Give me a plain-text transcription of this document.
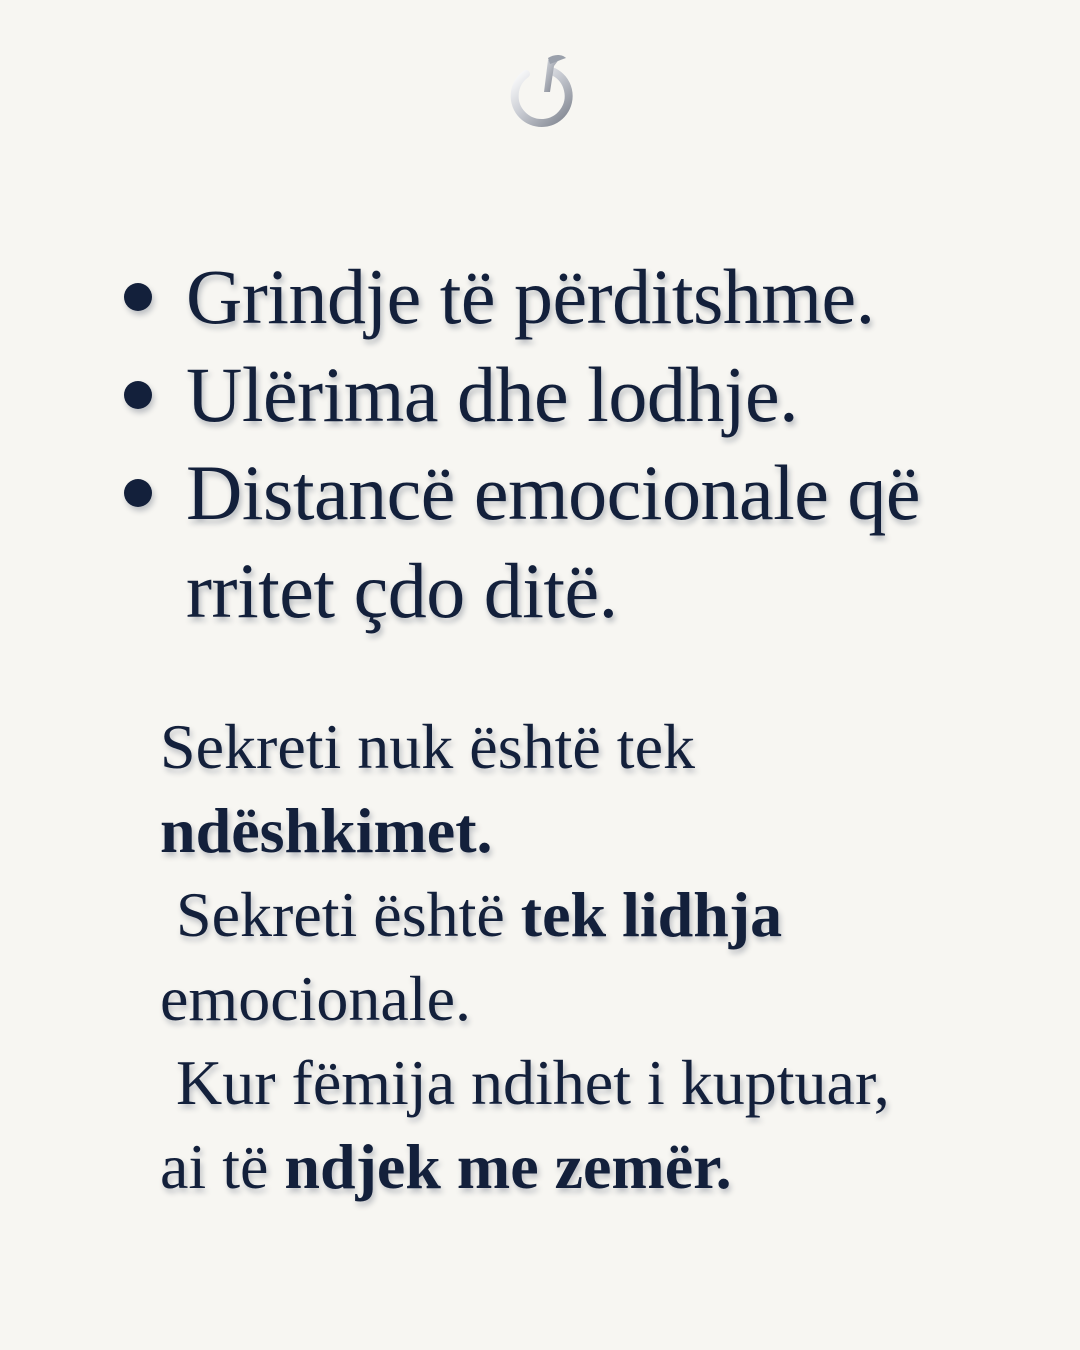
Grindje të përditshme.
Ulërima dhe lodhje.
Distancë emocionale që
rritet çdo ditë.
Sekreti nuk është tek
ndëshkimet.
Sekreti është tek lidhja
emocionale.
Kur fëmija ndihet i kuptuar,
ai të ndjek me zemër.
